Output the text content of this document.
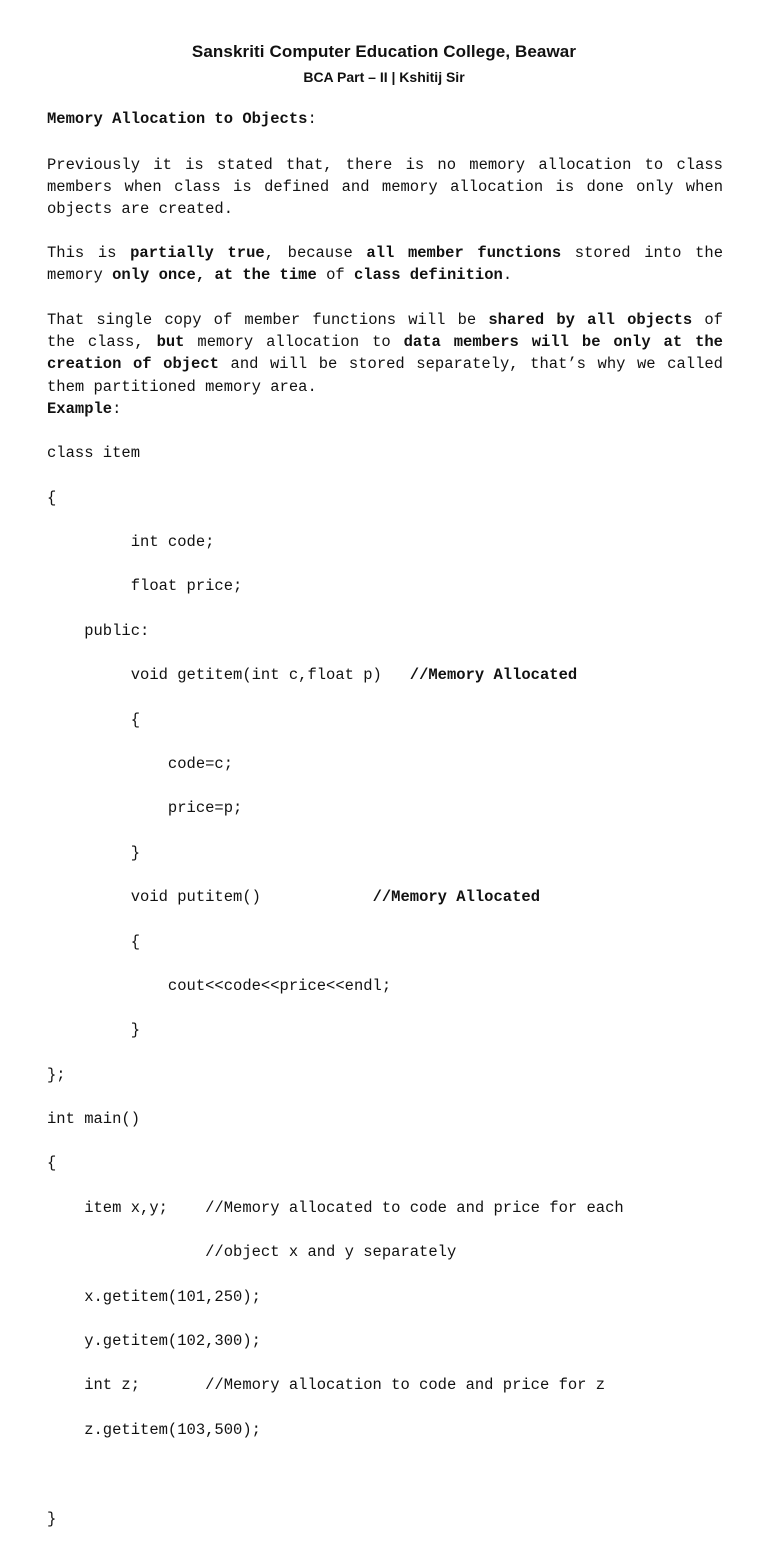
Sanskriti Computer Education College, Beawar
BCA Part – II | Kshitij Sir
Memory Allocation to Objects:
Previously it is stated that, there is no memory allocation to class members when class is defined and memory allocation is done only when objects are created.
This is partially true, because all member functions stored into the memory only once, at the time of class definition.
That single copy of member functions will be shared by all objects of the class, but memory allocation to data members will be only at the creation of object and will be stored separately, that’s why we called them partitioned memory area.
Example:

class item

{

int code;

float price;

public:

void getitem(int c,float p)   //Memory Allocated

{

code=c;

price=p;

}

void putitem()            //Memory Allocated

{

cout<<code<<price<<endl;

}

};

int main()

{

item x,y;    //Memory allocated to code and price for each

//object x and y separately

x.getitem(101,250);

y.getitem(102,300);

int z;       //Memory allocation to code and price for z

z.getitem(103,500);

}
